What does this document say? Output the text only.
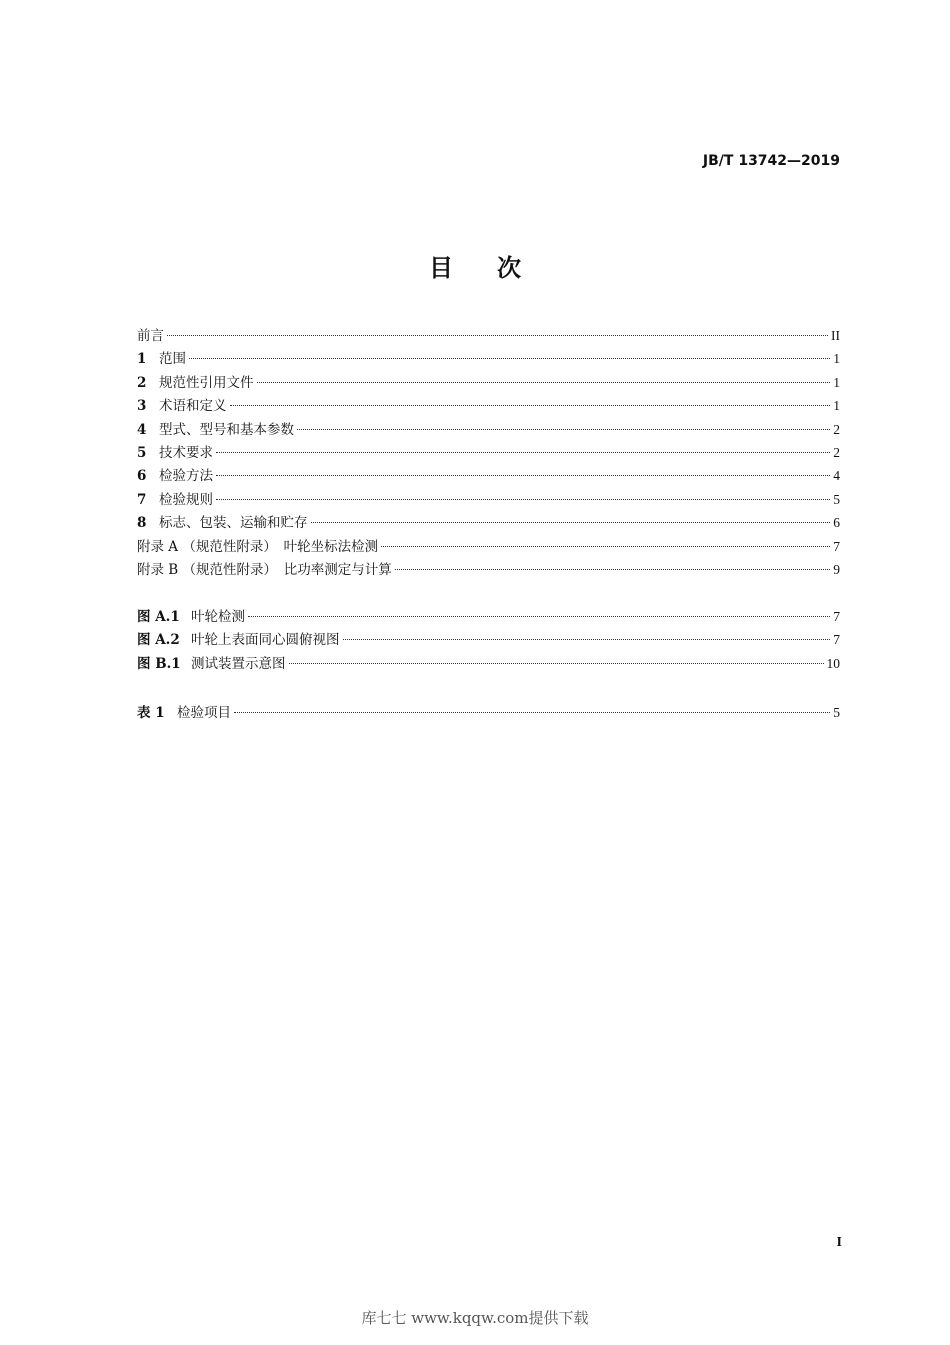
JB/T 13742—2019
目次
前言	II
1 范围	1
2 规范性引用文件	1
3 术语和定义	1
4 型式、型号和基本参数	2
5 技术要求	2
6 检验方法	4
7 检验规则	5
8 标志、包装、运输和贮存	6
附录 A （规范性附录）　叶轮坐标法检测	7
附录 B （规范性附录）　比功率测定与计算	9
图 A.1 叶轮检测	7
图 A.2 叶轮上表面同心圆俯视图	7
图 B.1 测试装置示意图	10
表 1 检验项目	5
I
库七七 www.kqqw.com提供下载
